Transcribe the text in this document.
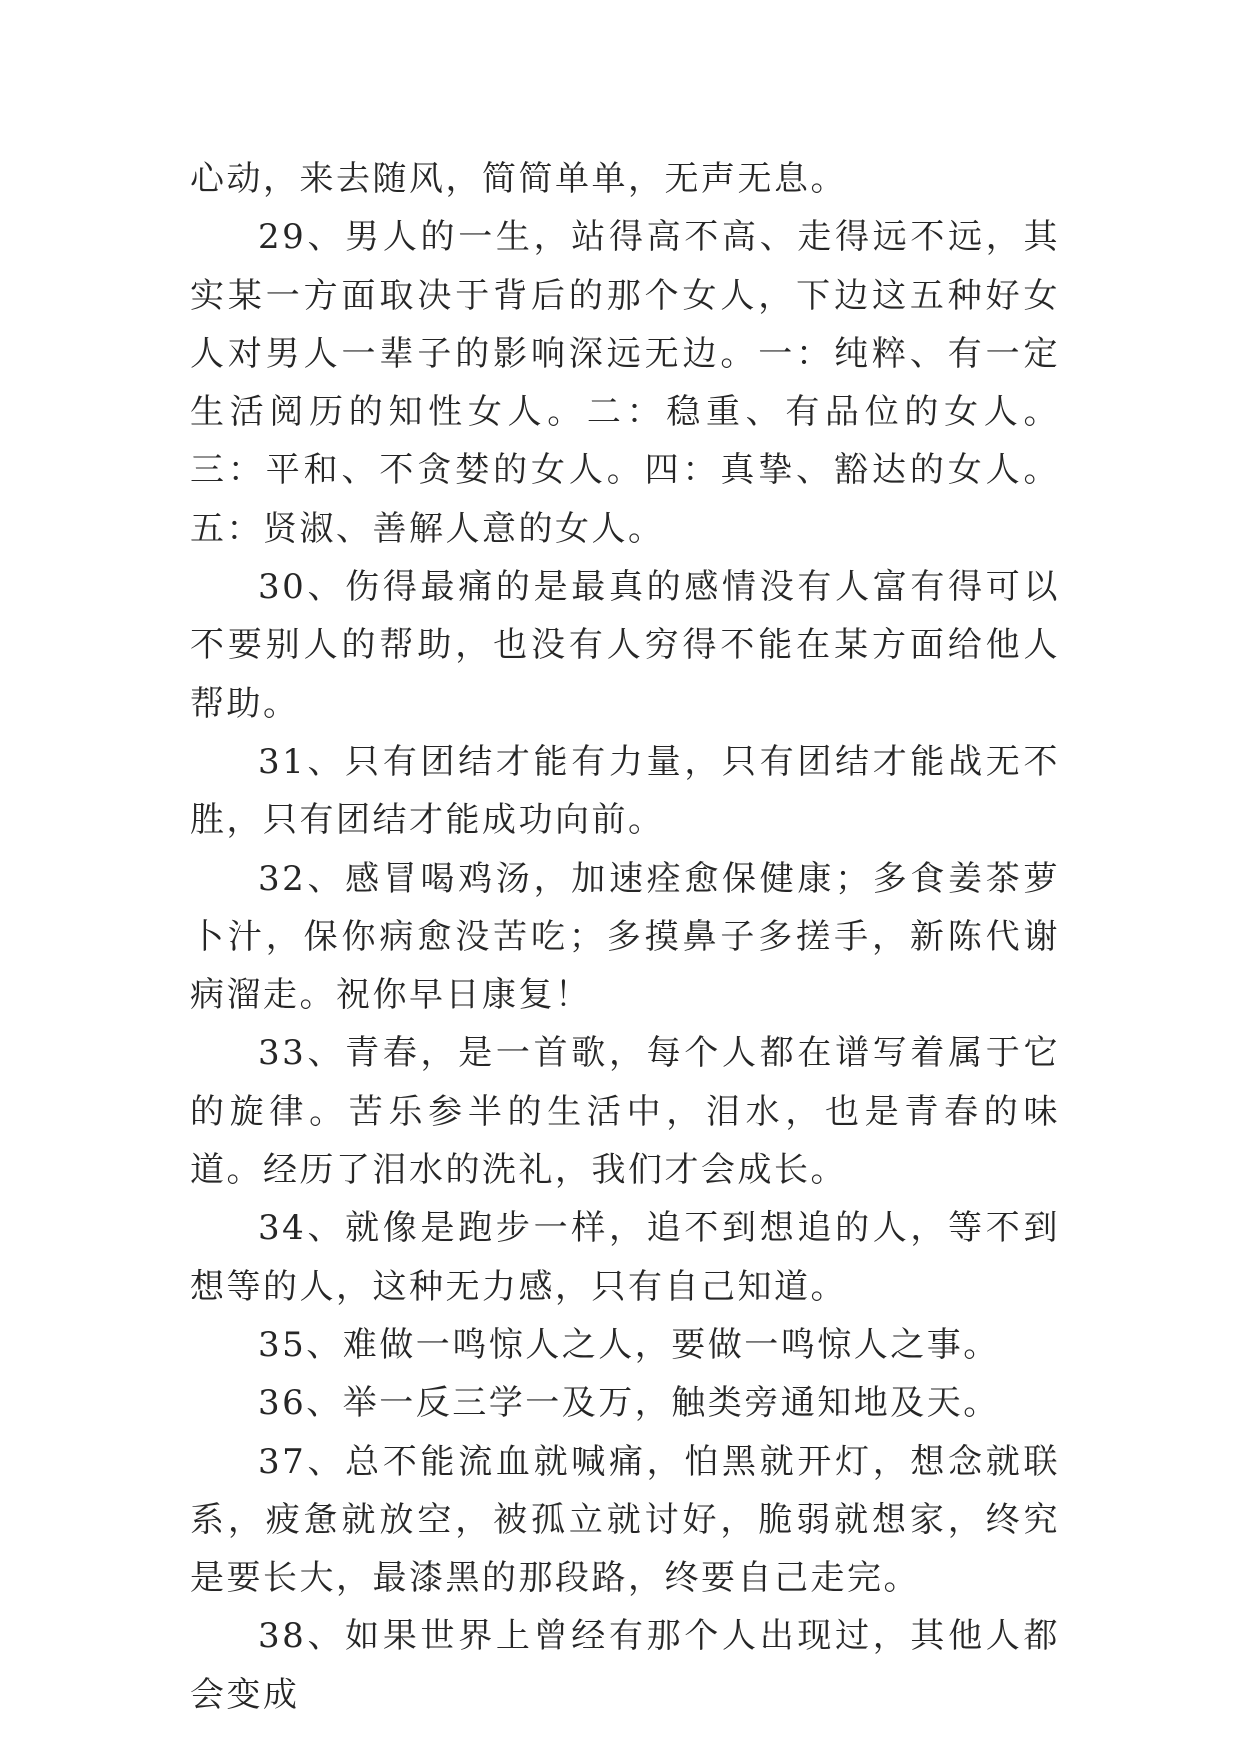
心动，来去随风，简简单单，无声无息。

29、男人的一生，站得高不高、走得远不远，其实某一方面取决于背后的那个女人，下边这五种好女人对男人一辈子的影响深远无边。一：纯粹、有一定生活阅历的知性女人。二：稳重、有品位的女人。三：平和、不贪婪的女人。四：真挚、豁达的女人。五：贤淑、善解人意的女人。

30、伤得最痛的是最真的感情没有人富有得可以不要别人的帮助，也没有人穷得不能在某方面给他人帮助。

31、只有团结才能有力量，只有团结才能战无不胜，只有团结才能成功向前。

32、感冒喝鸡汤，加速痊愈保健康；多食姜茶萝卜汁，保你病愈没苦吃；多摸鼻子多搓手，新陈代谢病溜走。祝你早日康复！

33、青春，是一首歌，每个人都在谱写着属于它的旋律。苦乐参半的生活中，泪水，也是青春的味道。经历了泪水的洗礼，我们才会成长。

34、就像是跑步一样，追不到想追的人，等不到想等的人，这种无力感，只有自己知道。

35、难做一鸣惊人之人，要做一鸣惊人之事。

36、举一反三学一及万，触类旁通知地及天。

37、总不能流血就喊痛，怕黑就开灯，想念就联系，疲惫就放空，被孤立就讨好，脆弱就想家，终究是要长大，最漆黑的那段路，终要自己走完。

38、如果世界上曾经有那个人出现过，其他人都会变成
